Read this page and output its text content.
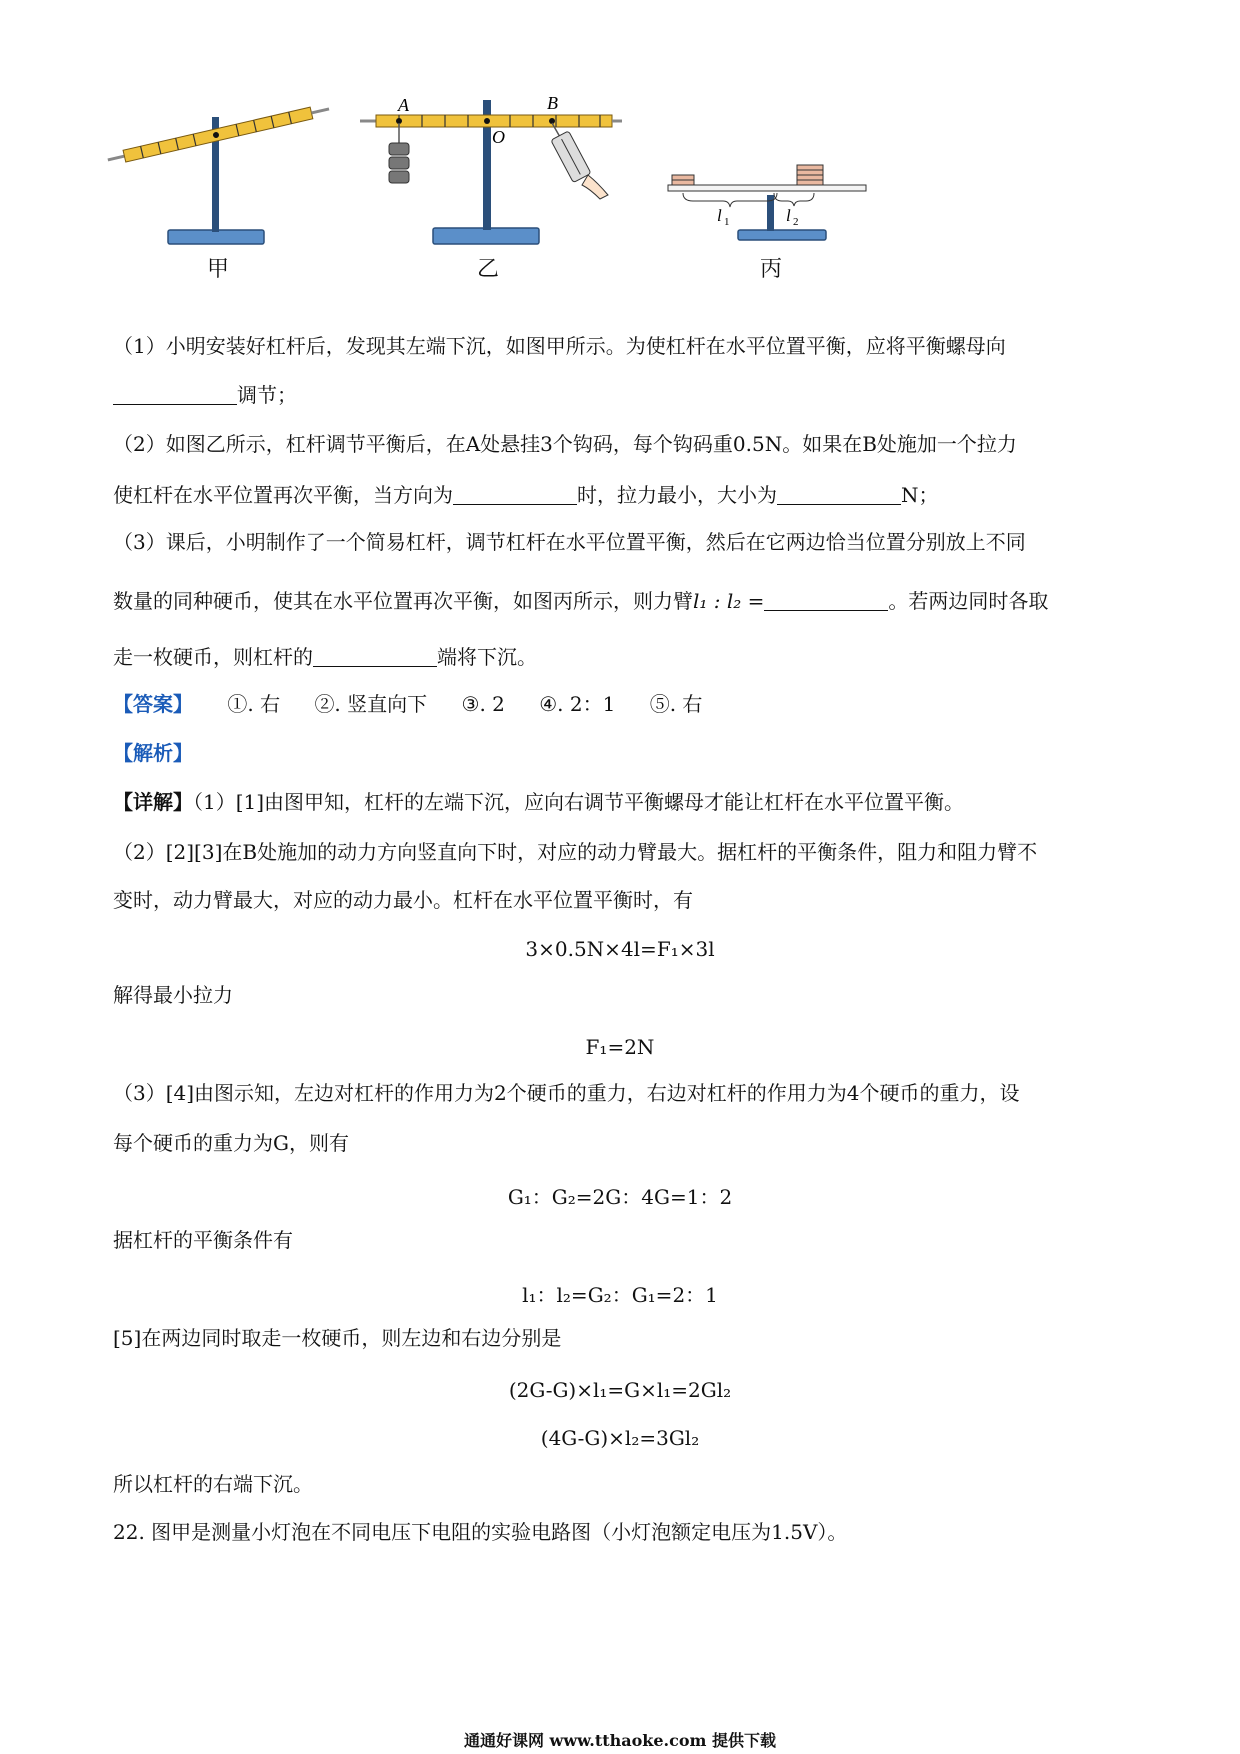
A	B
O
l 1	l 2
甲	乙	丙
（1）小明安装好杠杆后，发现其左端下沉，如图甲所示。为使杠杆在水平位置平衡，应将平衡螺母向
调节；
（2）如图乙所示，杠杆调节平衡后，在A处悬挂3个钩码，每个钩码重0.5N。如果在B处施加一个拉力
使杠杆在水平位置再次平衡，当方向为	时，拉力最小，大小为	N；
（3）课后，小明制作了一个简易杠杆，调节杠杆在水平位置平衡，然后在它两边恰当位置分别放上不同
数量的同种硬币，使其在水平位置再次平衡，如图丙所示，则力臂l₁ : l₂ =	。若两边同时各取
走一枚硬币，则杠杆的	端将下沉。
【答案】 ①. 右 ②. 竖直向下 ③. 2 ④. 2：1 ⑤. 右
【解析】
【详解】（1）[1]由图甲知，杠杆的左端下沉，应向右调节平衡螺母才能让杠杆在水平位置平衡。
（2）[2][3]在B处施加的动力方向竖直向下时，对应的动力臂最大。据杠杆的平衡条件，阻力和阻力臂不
变时，动力臂最大，对应的动力最小。杠杆在水平位置平衡时，有
3×0.5N×4l=F₁×3l
解得最小拉力
F₁=2N
（3）[4]由图示知，左边对杠杆的作用力为2个硬币的重力，右边对杠杆的作用力为4个硬币的重力，设
每个硬币的重力为G，则有
G₁：G₂=2G：4G=1：2
据杠杆的平衡条件有
l₁：l₂=G₂：G₁=2：1
[5]在两边同时取走一枚硬币，则左边和右边分别是
(2G-G)×l₁=G×l₁=2Gl₂
(4G-G)×l₂=3Gl₂
所以杠杆的右端下沉。
22. 图甲是测量小灯泡在不同电压下电阻的实验电路图（小灯泡额定电压为1.5V）。
通通好课网 www.tthaoke.com 提供下载
